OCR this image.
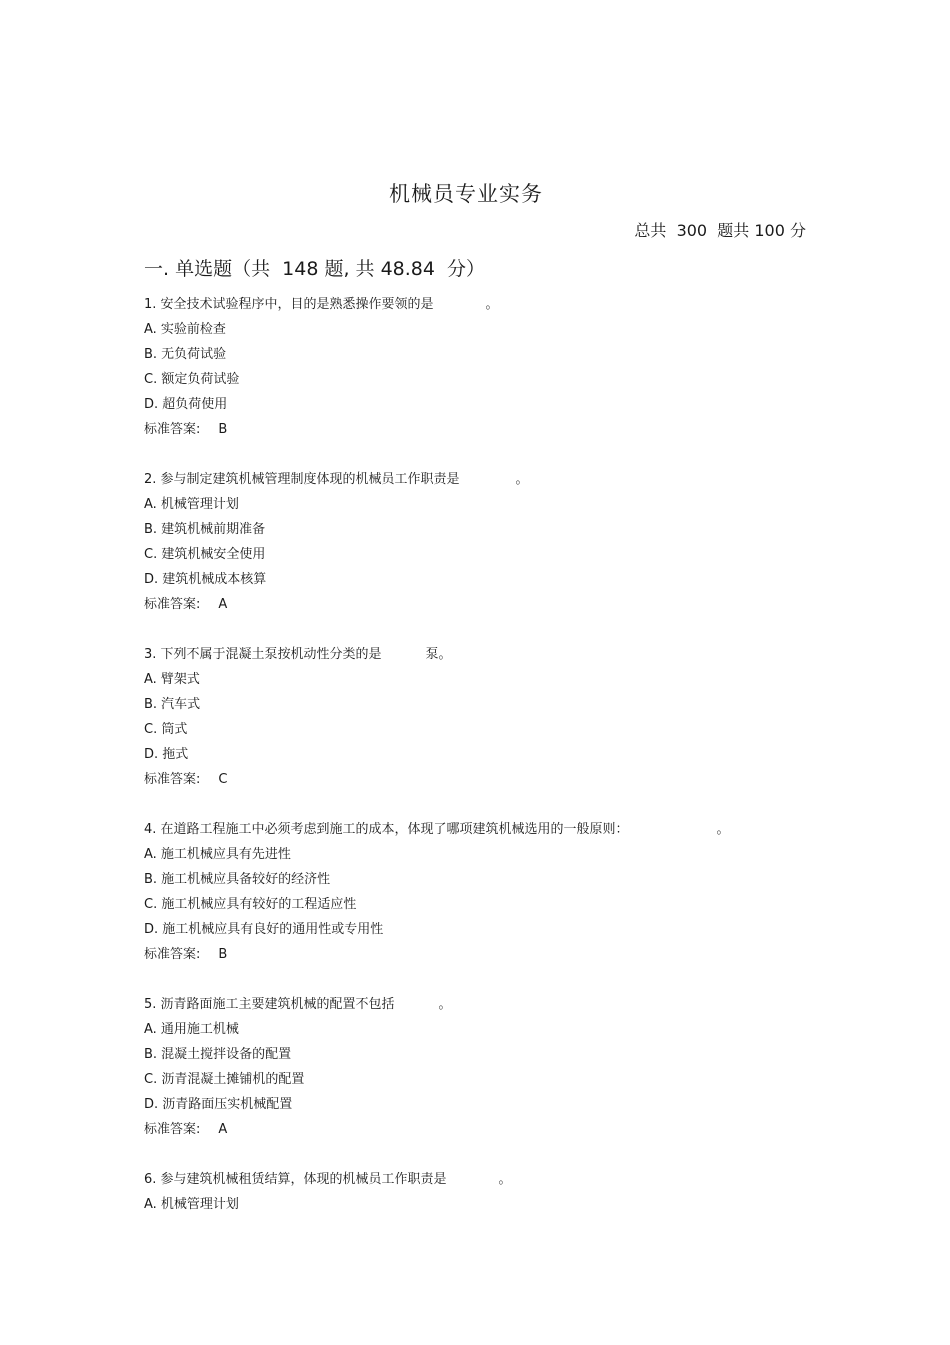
机械员专业实务
总共  300  题共 100 分
一. 单选题（共  148 题, 共 48.84  分）
1. 安全技术试验程序中，目的是熟悉操作要领的是	。
A. 实验前检查
B. 无负荷试验
C. 额定负荷试验
D. 超负荷使用
标准答案: B
2. 参与制定建筑机械管理制度体现的机械员工作职责是	。
A. 机械管理计划
B. 建筑机械前期准备
C. 建筑机械安全使用
D. 建筑机械成本核算
标准答案: A
3. 下列不属于混凝土泵按机动性分类的是	泵。
A. 臂架式
B. 汽车式
C. 筒式
D. 拖式
标准答案: C
4. 在道路工程施工中必须考虑到施工的成本，体现了哪项建筑机械选用的一般原则：	。
A. 施工机械应具有先进性
B. 施工机械应具备较好的经济性
C. 施工机械应具有较好的工程适应性
D. 施工机械应具有良好的通用性或专用性
标准答案: B
5. 沥青路面施工主要建筑机械的配置不包括	。
A. 通用施工机械
B. 混凝土搅拌设备的配置
C. 沥青混凝土摊铺机的配置
D. 沥青路面压实机械配置
标准答案: A
6. 参与建筑机械租赁结算，体现的机械员工作职责是	。
A. 机械管理计划
